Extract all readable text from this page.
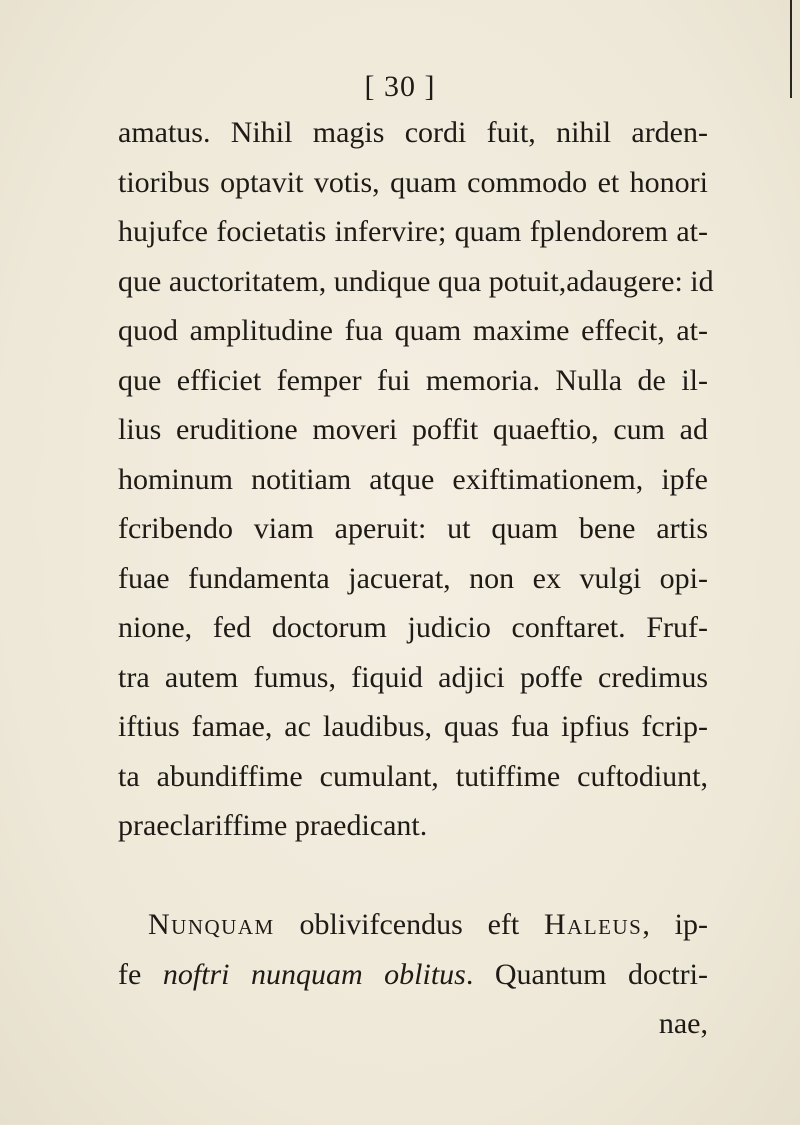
[ 30 ]
amatus. Nihil magis cordi fuit, nihil arden-
tioribus optavit votis, quam commodo et honori
hujufce focietatis infervire; quam fplendorem at-
que auctoritatem, undique qua potuit,adaugere: id
quod amplitudine fua quam maxime effecit, at-
que efficiet femper fui memoria. Nulla de il-
lius eruditione moveri poffit quaeftio, cum ad
hominum notitiam atque exiftimationem, ipfe
fcribendo viam aperuit: ut quam bene artis
fuae fundamenta jacuerat, non ex vulgi opi-
nione, fed doctorum judicio conftaret. Fruf-
tra autem fumus, fiquid adjici poffe credimus
iftius famae, ac laudibus, quas fua ipfius fcrip-
ta abundiffime cumulant, tutiffime cuftodiunt,
praeclariffime praedicant.
Nunquam oblivifcendus eft Haleus, ip-
fe noftri nunquam oblitus. Quantum doctri-
nae,
